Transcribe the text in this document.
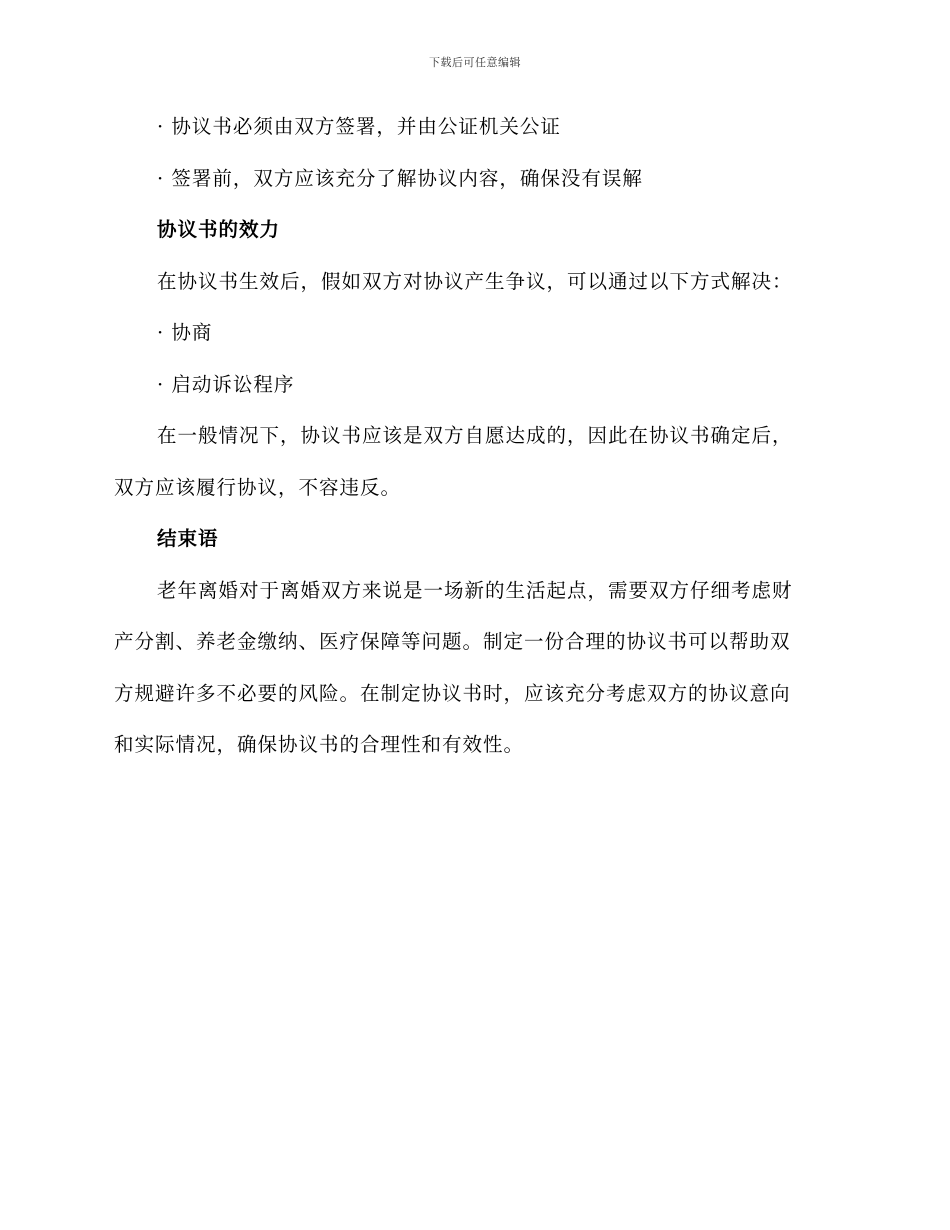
下载后可任意编辑
· 协议书必须由双方签署，并由公证机关公证
· 签署前，双方应该充分了解协议内容，确保没有误解
协议书的效力
在协议书生效后，假如双方对协议产生争议，可以通过以下方式解决：
· 协商
· 启动诉讼程序
在一般情况下，协议书应该是双方自愿达成的，因此在协议书确定后，
双方应该履行协议，不容违反。
结束语
老年离婚对于离婚双方来说是一场新的生活起点，需要双方仔细考虑财
产分割、养老金缴纳、医疗保障等问题。制定一份合理的协议书可以帮助双
方规避许多不必要的风险。在制定协议书时，应该充分考虑双方的协议意向
和实际情况，确保协议书的合理性和有效性。
